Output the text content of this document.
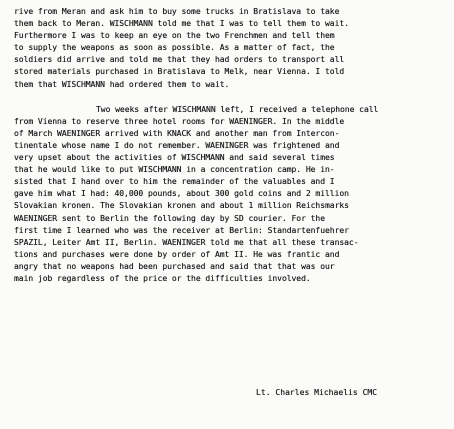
rive from Meran and ask him to buy some trucks in Bratislava to take
them back to Meran. WISCHMANN told me that I was to tell them to wait.
Furthermore I was to keep an eye on the two Frenchmen and tell them
to supply the weapons as soon as possible. As a matter of fact, the
soldiers did arrive and told me that they had orders to transport all
stored materials purchased in Bratislava to Melk, near Vienna. I told
them that WISCHMANN had ordered them to wait.
Two weeks after WISCHMANN left, I received a telephone call
from Vienna to reserve three hotel rooms for WAENINGER. In the middle
of March WAENINGER arrived with KNACK and another man from Intercon-
tinentale whose name I do not remember. WAENINGER was frightened and
very upset about the activities of WISCHMANN and said several times
that he would like to put WISCHMANN in a concentration camp. He in-
sisted that I hand over to him the remainder of the valuables and I
gave him what I had: 40,000 pounds, about 300 gold coins and 2 million
Slovakian kronen. The Slovakian kronen and about 1 million Reichsmarks
WAENINGER sent to Berlin the following day by SD courier. For the
first time I learned who was the receiver at Berlin: Standartenfuehrer
SPAZIL, Leiter Amt II, Berlin. WAENINGER told me that all these transac-
tions and purchases were done by order of Amt II. He was frantic and
angry that no weapons had been purchased and said that that was our
main job regardless of the price or the difficulties involved.
Lt. Charles Michaelis CMC
